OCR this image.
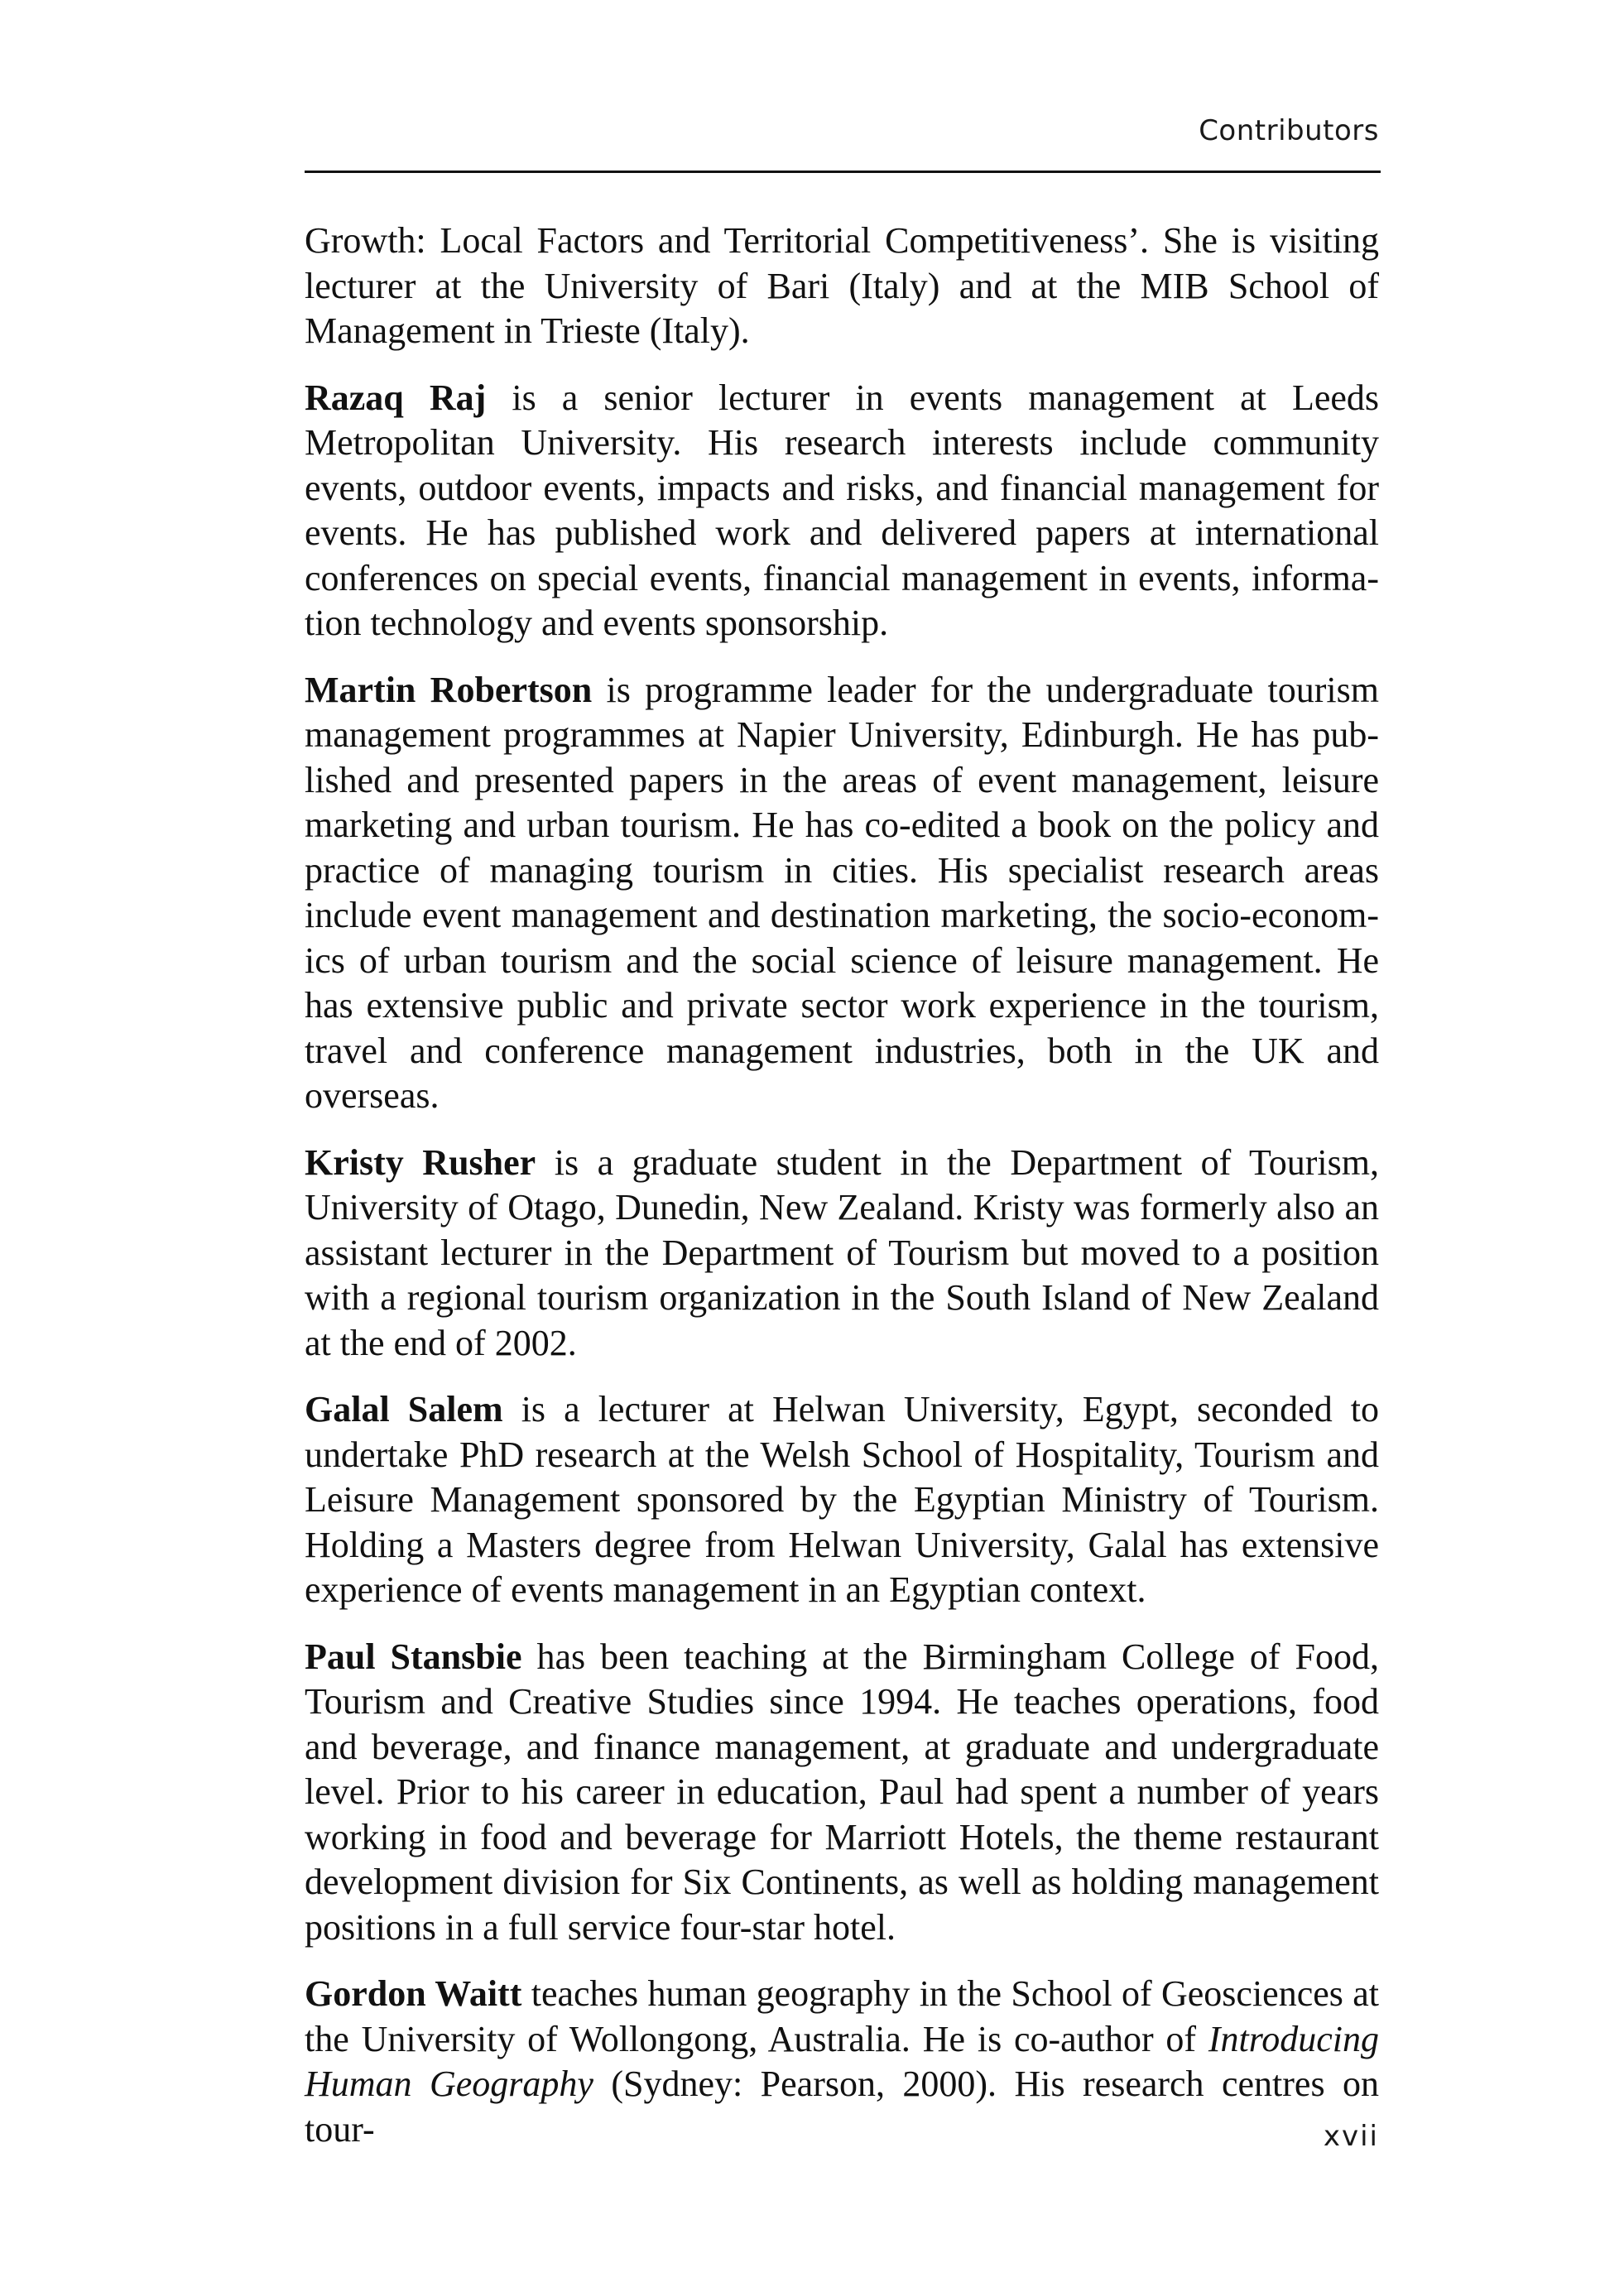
Contributors

Growth: Local Factors and Territorial Competitiveness’. She is visiting lecturer at the University of Bari (Italy) and at the MIB School of Management in Trieste (Italy).

Razaq Raj is a senior lecturer in events management at Leeds Metropolitan University. His research interests include community events, outdoor events, impacts and risks, and financial management for events. He has published work and delivered papers at international conferences on special events, financial management in events, information technology and events sponsorship.

Martin Robertson is programme leader for the undergraduate tourism management programmes at Napier University, Edinburgh. He has published and presented papers in the areas of event management, leisure marketing and urban tourism. He has co-edited a book on the policy and practice of managing tourism in cities. His specialist research areas include event management and destination marketing, the socio-economics of urban tourism and the social science of leisure management. He has extensive public and private sector work experience in the tourism, travel and conference management industries, both in the UK and overseas.

Kristy Rusher is a graduate student in the Department of Tourism, University of Otago, Dunedin, New Zealand. Kristy was formerly also an assistant lecturer in the Department of Tourism but moved to a position with a regional tourism organization in the South Island of New Zealand at the end of 2002.

Galal Salem is a lecturer at Helwan University, Egypt, seconded to undertake PhD research at the Welsh School of Hospitality, Tourism and Leisure Management sponsored by the Egyptian Ministry of Tourism. Holding a Masters degree from Helwan University, Galal has extensive experience of events management in an Egyptian context.

Paul Stansbie has been teaching at the Birmingham College of Food, Tourism and Creative Studies since 1994. He teaches operations, food and beverage, and finance management, at graduate and undergraduate level. Prior to his career in education, Paul had spent a number of years working in food and beverage for Marriott Hotels, the theme restaurant development division for Six Continents, as well as holding management positions in a full service four-star hotel.

Gordon Waitt teaches human geography in the School of Geosciences at the University of Wollongong, Australia. He is co-author of Introducing Human Geography (Sydney: Pearson, 2000). His research centres on tour-	xvii
